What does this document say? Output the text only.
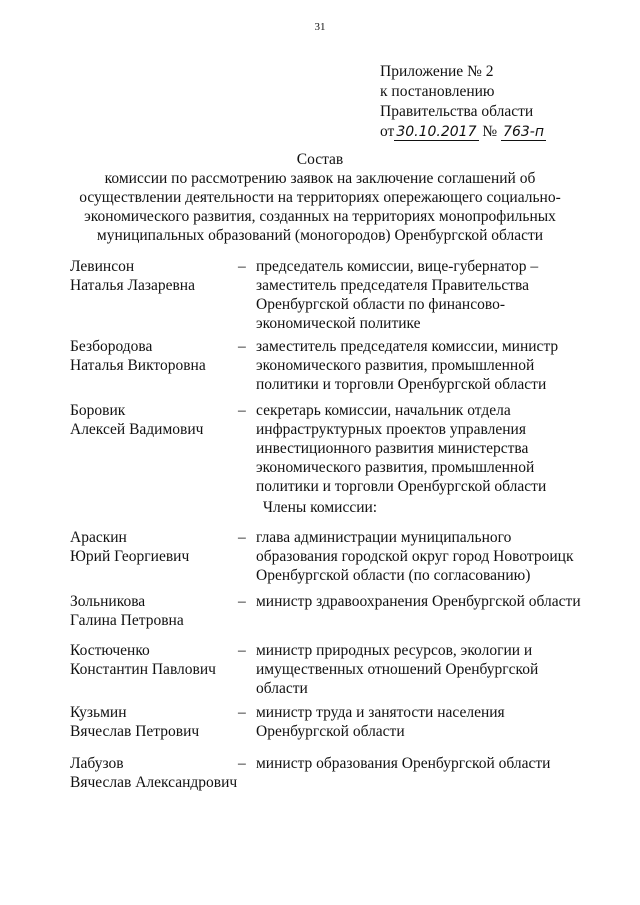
31
Приложение № 2
к постановлению
Правительства области
от 30.10.2017 № 763-п
Состав
комиссии по рассмотрению заявок на заключение соглашений об
осуществлении деятельности на территориях опережающего социально-
экономического развития, созданных на территориях монопрофильных
муниципальных образований (моногородов) Оренбургской области
Левинсон
Наталья Лазаревна
– председатель комиссии, вице-губернатор –
заместитель председателя Правительства
Оренбургской области по финансово-
экономической политике
Безбородова
Наталья Викторовна
– заместитель председателя комиссии, министр
экономического развития, промышленной
политики и торговли Оренбургской области
Боровик
Алексей Вадимович
– секретарь комиссии, начальник отдела
инфраструктурных проектов управления
инвестиционного развития министерства
экономического развития, промышленной
политики и торговли Оренбургской области
Члены комиссии:
Араскин
Юрий Георгиевич
– глава администрации муниципального
образования городской округ город Новотроицк
Оренбургской области (по согласованию)
Зольникова
Галина Петровна
– министр здравоохранения Оренбургской области
Костюченко
Константин Павлович
– министр природных ресурсов, экологии и
имущественных отношений Оренбургской
области
Кузьмин
Вячеслав Петрович
– министр труда и занятости населения
Оренбургской области
Лабузов
Вячеслав Александрович
– министр образования Оренбургской области
